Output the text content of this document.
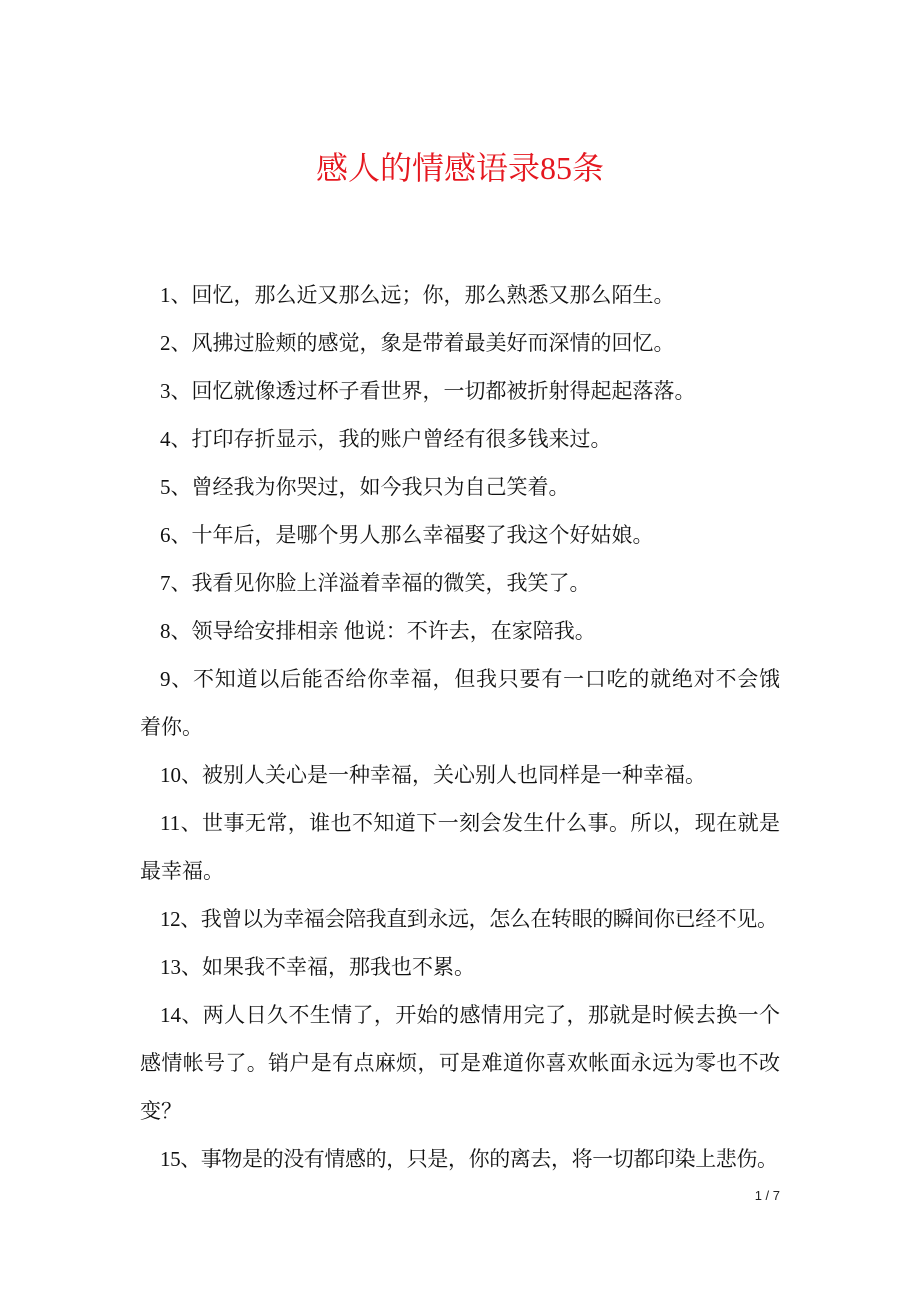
感人的情感语录85条

1、回忆，那么近又那么远；你，那么熟悉又那么陌生。

2、风拂过脸颊的感觉，象是带着最美好而深情的回忆。

3、回忆就像透过杯子看世界，一切都被折射得起起落落。

4、打印存折显示，我的账户曾经有很多钱来过。

5、曾经我为你哭过，如今我只为自己笑着。

6、十年后，是哪个男人那么幸福娶了我这个好姑娘。

7、我看见你脸上洋溢着幸福的微笑，我笑了。

8、领导给安排相亲 他说：不许去，在家陪我。

9、不知道以后能否给你幸福，但我只要有一口吃的就绝对不会饿
着你。

10、被别人关心是一种幸福，关心别人也同样是一种幸福。

11、世事无常，谁也不知道下一刻会发生什么事。所以，现在就是
最幸福。

12、我曾以为幸福会陪我直到永远，怎么在转眼的瞬间你已经不见。

13、如果我不幸福，那我也不累。

14、两人日久不生情了，开始的感情用完了，那就是时候去换一个
感情帐号了。销户是有点麻烦，可是难道你喜欢帐面永远为零也不改
变？

15、事物是的没有情感的，只是，你的离去，将一切都印染上悲伤。

1 / 7
